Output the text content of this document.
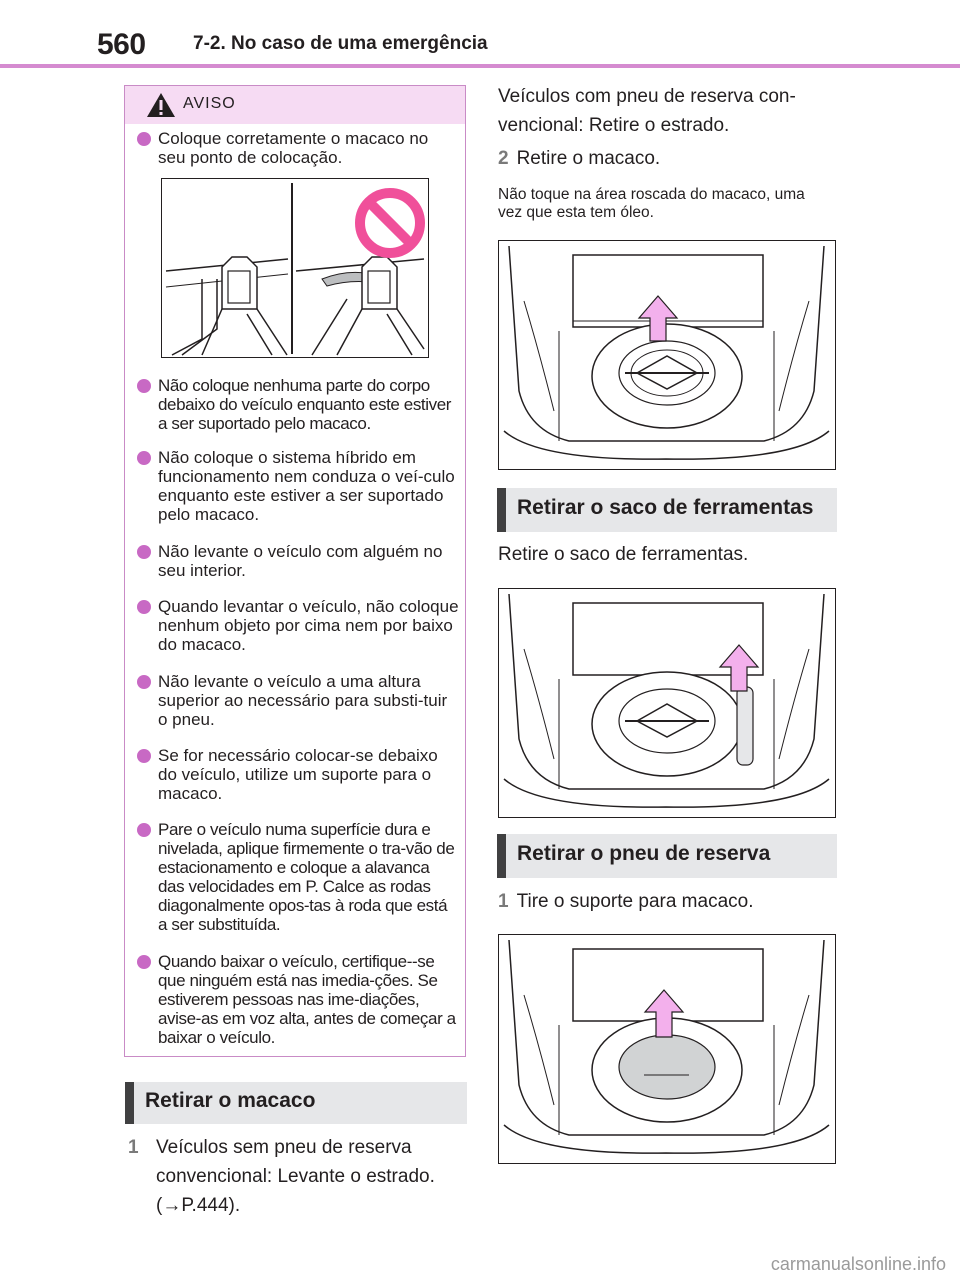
560 7-2. No caso de uma emergência
AVISO
Coloque corretamente o macaco no seu ponto de colocação.
Não coloque nenhuma parte do corpo debaixo do veículo enquanto este estiver a ser suportado pelo macaco.
Não coloque o sistema híbrido em funcionamento nem conduza o veí-culo enquanto este estiver a ser suportado pelo macaco.
Não levante o veículo com alguém no seu interior.
Quando levantar o veículo, não coloque nenhum objeto por cima nem por baixo do macaco.
Não levante o veículo a uma altura superior ao necessário para substi-tuir o pneu.
Se for necessário colocar-se debaixo do veículo, utilize um suporte para o macaco.
Pare o veículo numa superfície dura e nivelada, aplique firmemente o tra-vão de estacionamento e coloque a alavanca das velocidades em P. Calce as rodas diagonalmente opos-tas à roda que está a ser substituída.
Quando baixar o veículo, certifique--se que ninguém está nas imedia-ções. Se estiverem pessoas nas ime-diações, avise-as em voz alta, antes de começar a baixar o veículo.
Retirar o macaco
1 Veículos sem pneu de reserva convencional: Levante o estrado. (→P.444).
Veículos com pneu de reserva con-vencional: Retire o estrado.
2 Retire o macaco.
Não toque na área roscada do macaco, uma vez que esta tem óleo.
Retirar o saco de ferramentas
Retire o saco de ferramentas.
Retirar o pneu de reserva
1 Tire o suporte para macaco.
carmanualsonline.info
